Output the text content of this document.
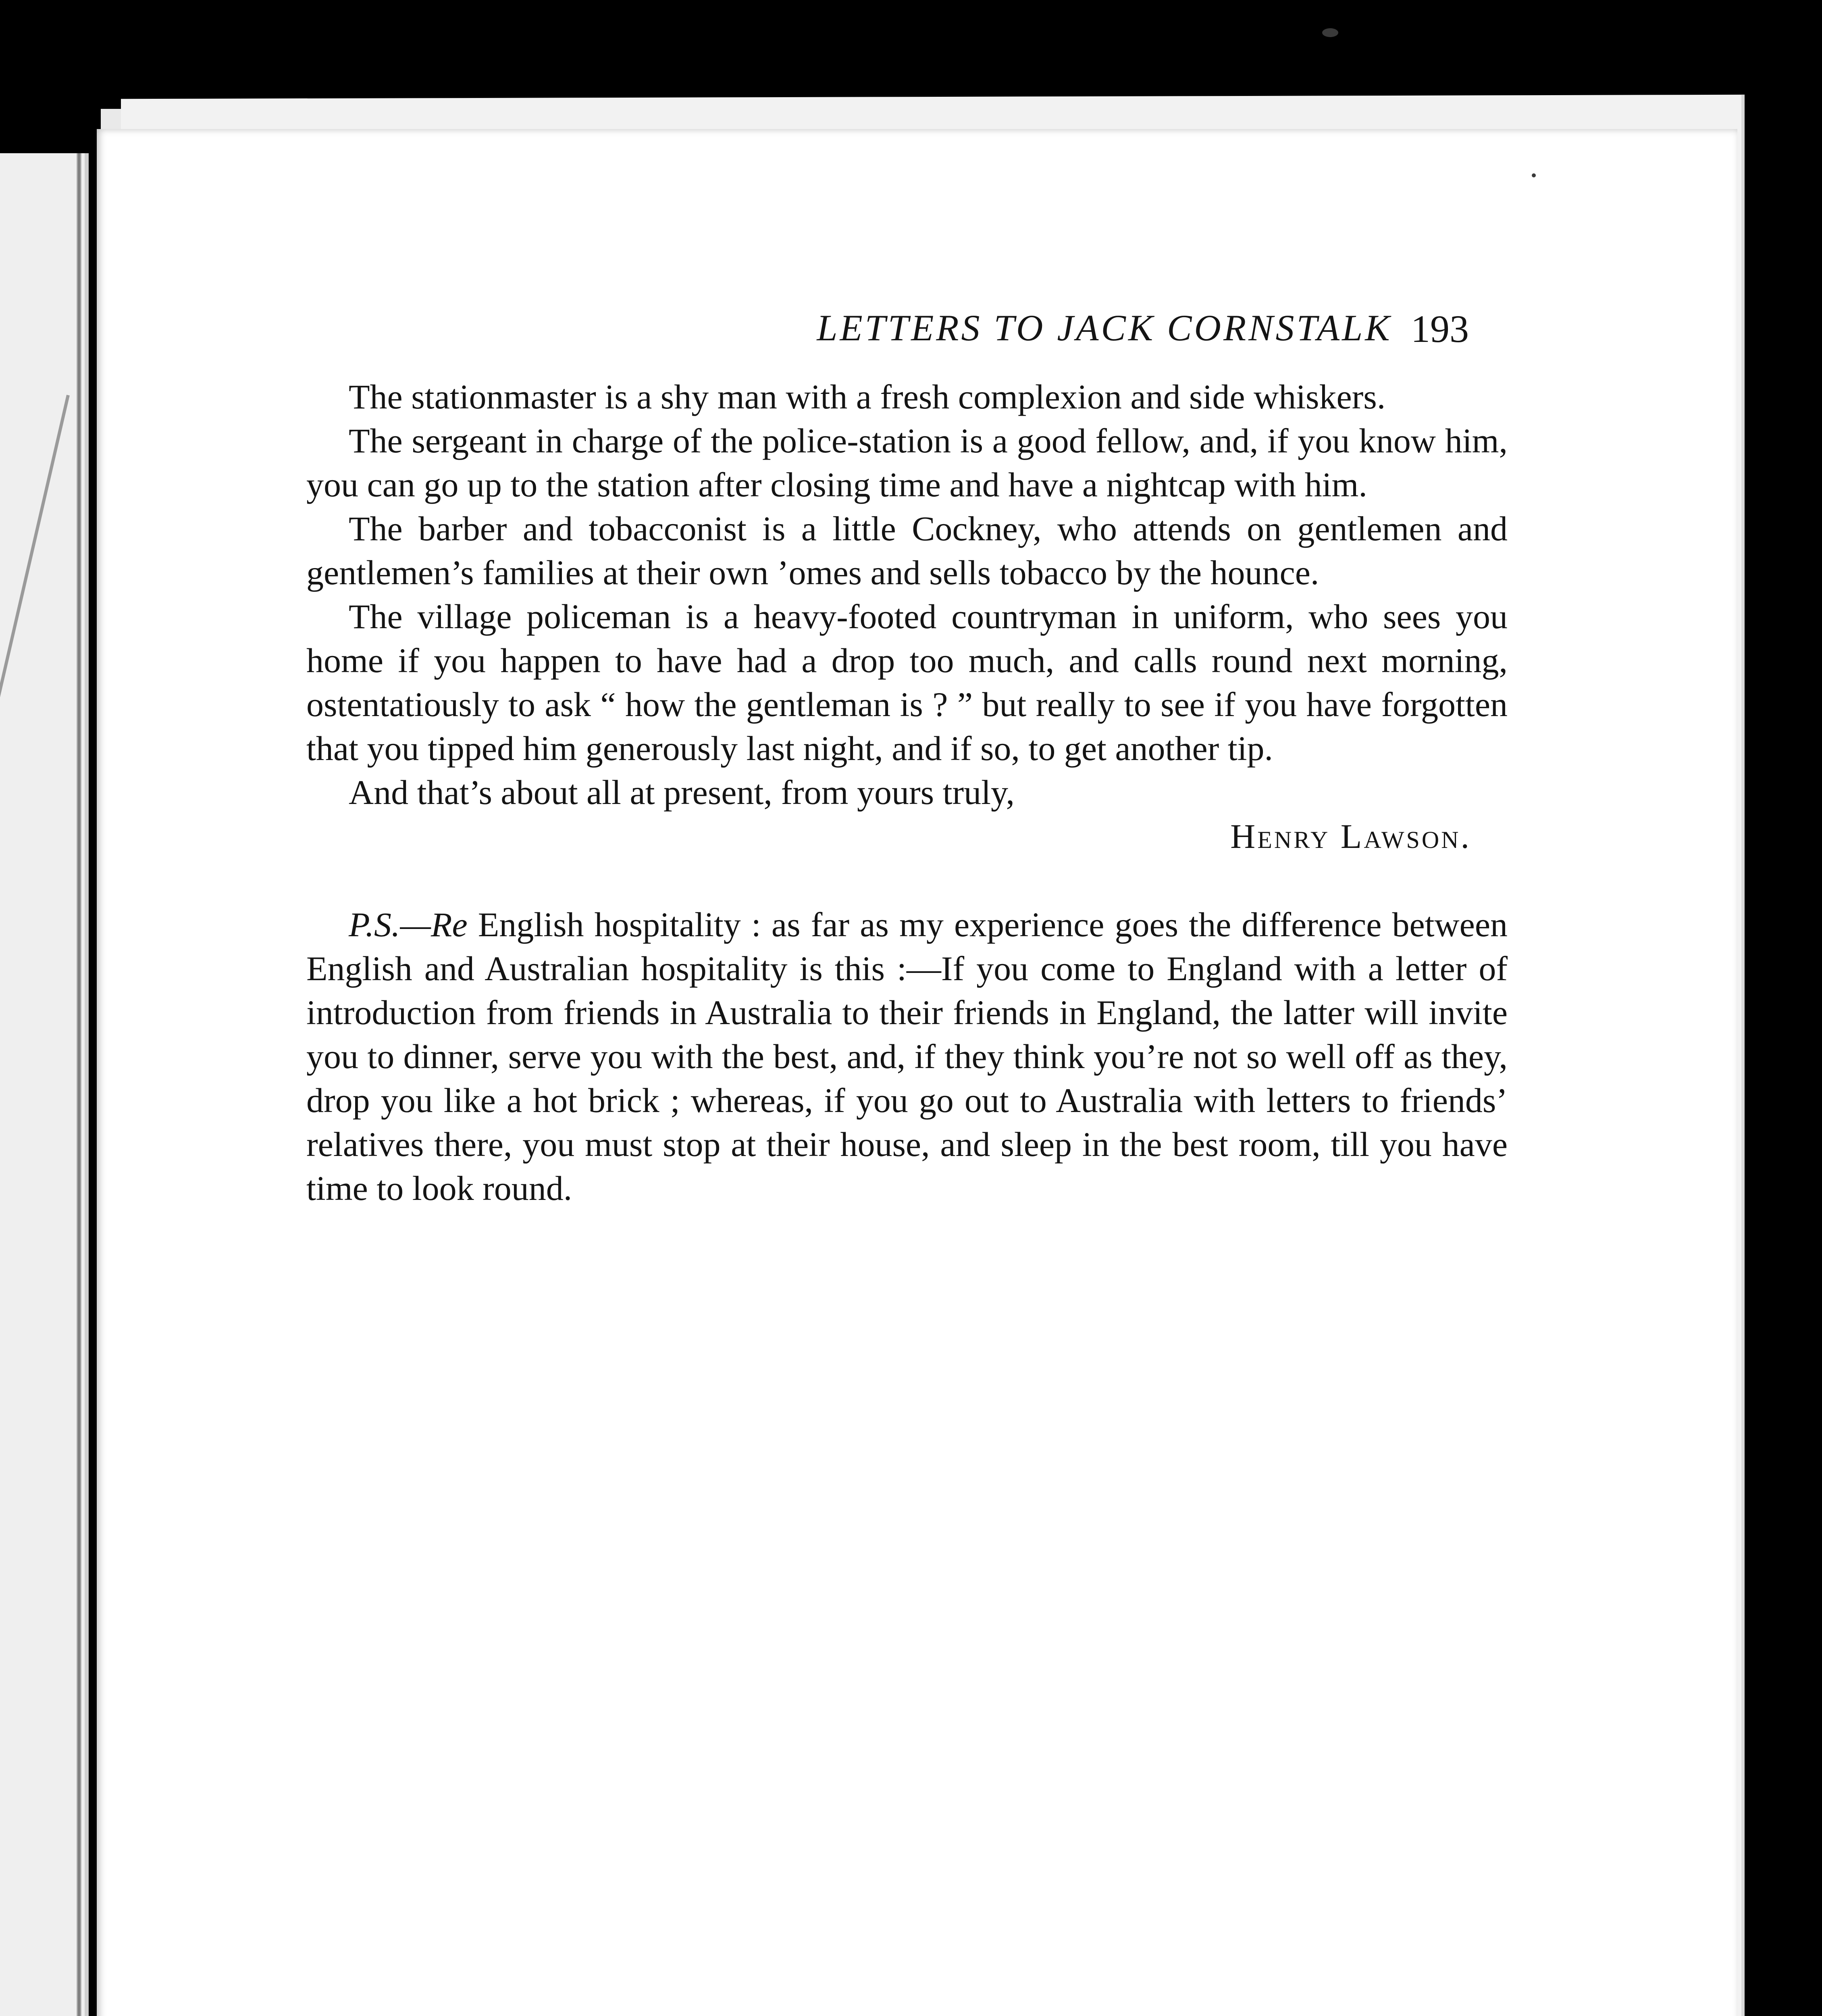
LETTERS TO JACK CORNSTALK 193

The stationmaster is a shy man with a fresh complexion and side whiskers.

The sergeant in charge of the police-station is a good fellow, and, if you know him, you can go up to the station after closing time and have a nightcap with him.

The barber and tobacconist is a little Cockney, who attends on gentlemen and gentlemen’s families at their own ’omes and sells tobacco by the hounce.

The village policeman is a heavy-footed countryman in uniform, who sees you home if you happen to have had a drop too much, and calls round next morning, ostentatiously to ask “ how the gentleman is ? ” but really to see if you have forgotten that you tipped him generously last night, and if so, to get another tip.

And that’s about all at present, from yours truly,

Henry Lawson.

P.S.—Re English hospitality : as far as my experience goes the difference between English and Australian hospitality is this :—If you come to England with a letter of introduction from friends in Australia to their friends in England, the latter will invite you to dinner, serve you with the best, and, if they think you’re not so well off as they, drop you like a hot brick ; whereas, if you go out to Australia with letters to friends’ relatives there, you must stop at their house, and sleep in the best room, till you have time to look round.
